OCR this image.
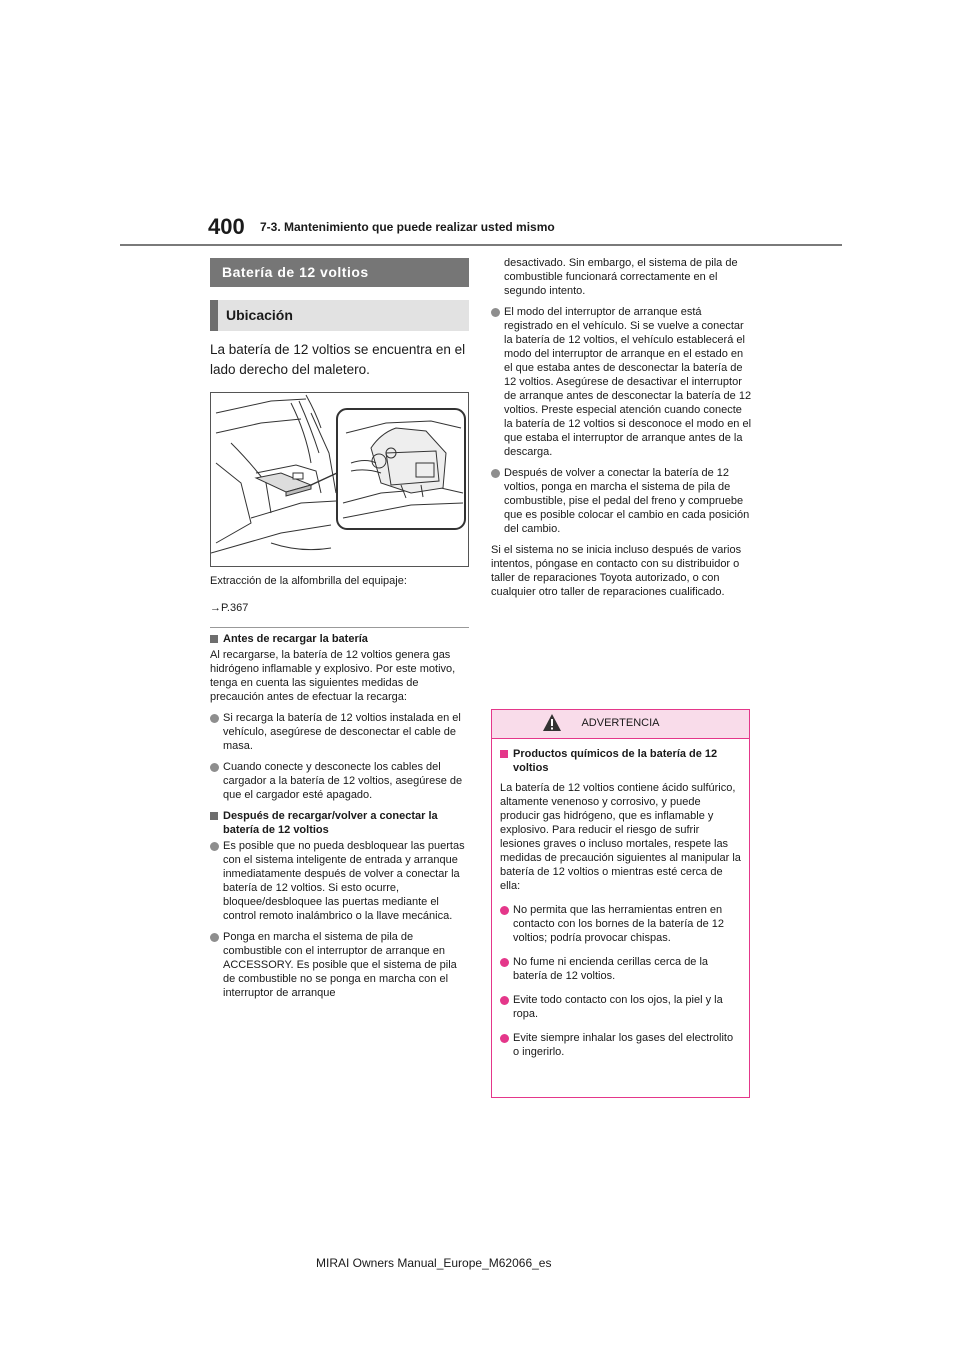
400 7-3. Mantenimiento que puede realizar usted mismo
Batería de 12 voltios
Ubicación
La batería de 12 voltios se encuentra en el lado derecho del maletero.
Extracción de la alfombrilla del equipaje:
→P.367
Antes de recargar la batería
Al recargarse, la batería de 12 voltios genera gas hidrógeno inflamable y explosivo. Por este motivo, tenga en cuenta las siguientes medidas de precaución antes de efectuar la recarga:
Si recarga la batería de 12 voltios instalada en el vehículo, asegúrese de desconectar el cable de masa.
Cuando conecte y desconecte los cables del cargador a la batería de 12 voltios, asegúrese de que el cargador esté apagado.
Después de recargar/volver a conectar la batería de 12 voltios
Es posible que no pueda desbloquear las puertas con el sistema inteligente de entrada y arranque inmediatamente después de volver a conectar la batería de 12 voltios. Si esto ocurre, bloquee/desbloquee las puertas mediante el control remoto inalámbrico o la llave mecánica.
Ponga en marcha el sistema de pila de combustible con el interruptor de arranque en ACCESSORY. Es posible que el sistema de pila de combustible no se ponga en marcha con el interruptor de arranque
desactivado. Sin embargo, el sistema de pila de combustible funcionará correctamente en el segundo intento.
El modo del interruptor de arranque está registrado en el vehículo. Si se vuelve a conectar la batería de 12 voltios, el vehículo establecerá el modo del interruptor de arranque en el estado en el que estaba antes de desconectar la batería de 12 voltios. Asegúrese de desactivar el interruptor de arranque antes de desconectar la batería de 12 voltios. Preste especial atención cuando conecte la batería de 12 voltios si desconoce el modo en el que estaba el interruptor de arranque antes de la descarga.
Después de volver a conectar la batería de 12 voltios, ponga en marcha el sistema de pila de combustible, pise el pedal del freno y compruebe que es posible colocar el cambio en cada posición del cambio.
Si el sistema no se inicia incluso después de varios intentos, póngase en contacto con su distribuidor o taller de reparaciones Toyota autorizado, o con cualquier otro taller de reparaciones cualificado.
ADVERTENCIA
Productos químicos de la batería de 12 voltios
La batería de 12 voltios contiene ácido sulfúrico, altamente venenoso y corrosivo, y puede producir gas hidrógeno, que es inflamable y explosivo. Para reducir el riesgo de sufrir lesiones graves o incluso mortales, respete las medidas de precaución siguientes al manipular la batería de 12 voltios o mientras esté cerca de ella:
No permita que las herramientas entren en contacto con los bornes de la batería de 12 voltios; podría provocar chispas.
No fume ni encienda cerillas cerca de la batería de 12 voltios.
Evite todo contacto con los ojos, la piel y la ropa.
Evite siempre inhalar los gases del electrolito o ingerirlo.
MIRAI Owners Manual_Europe_M62066_es
